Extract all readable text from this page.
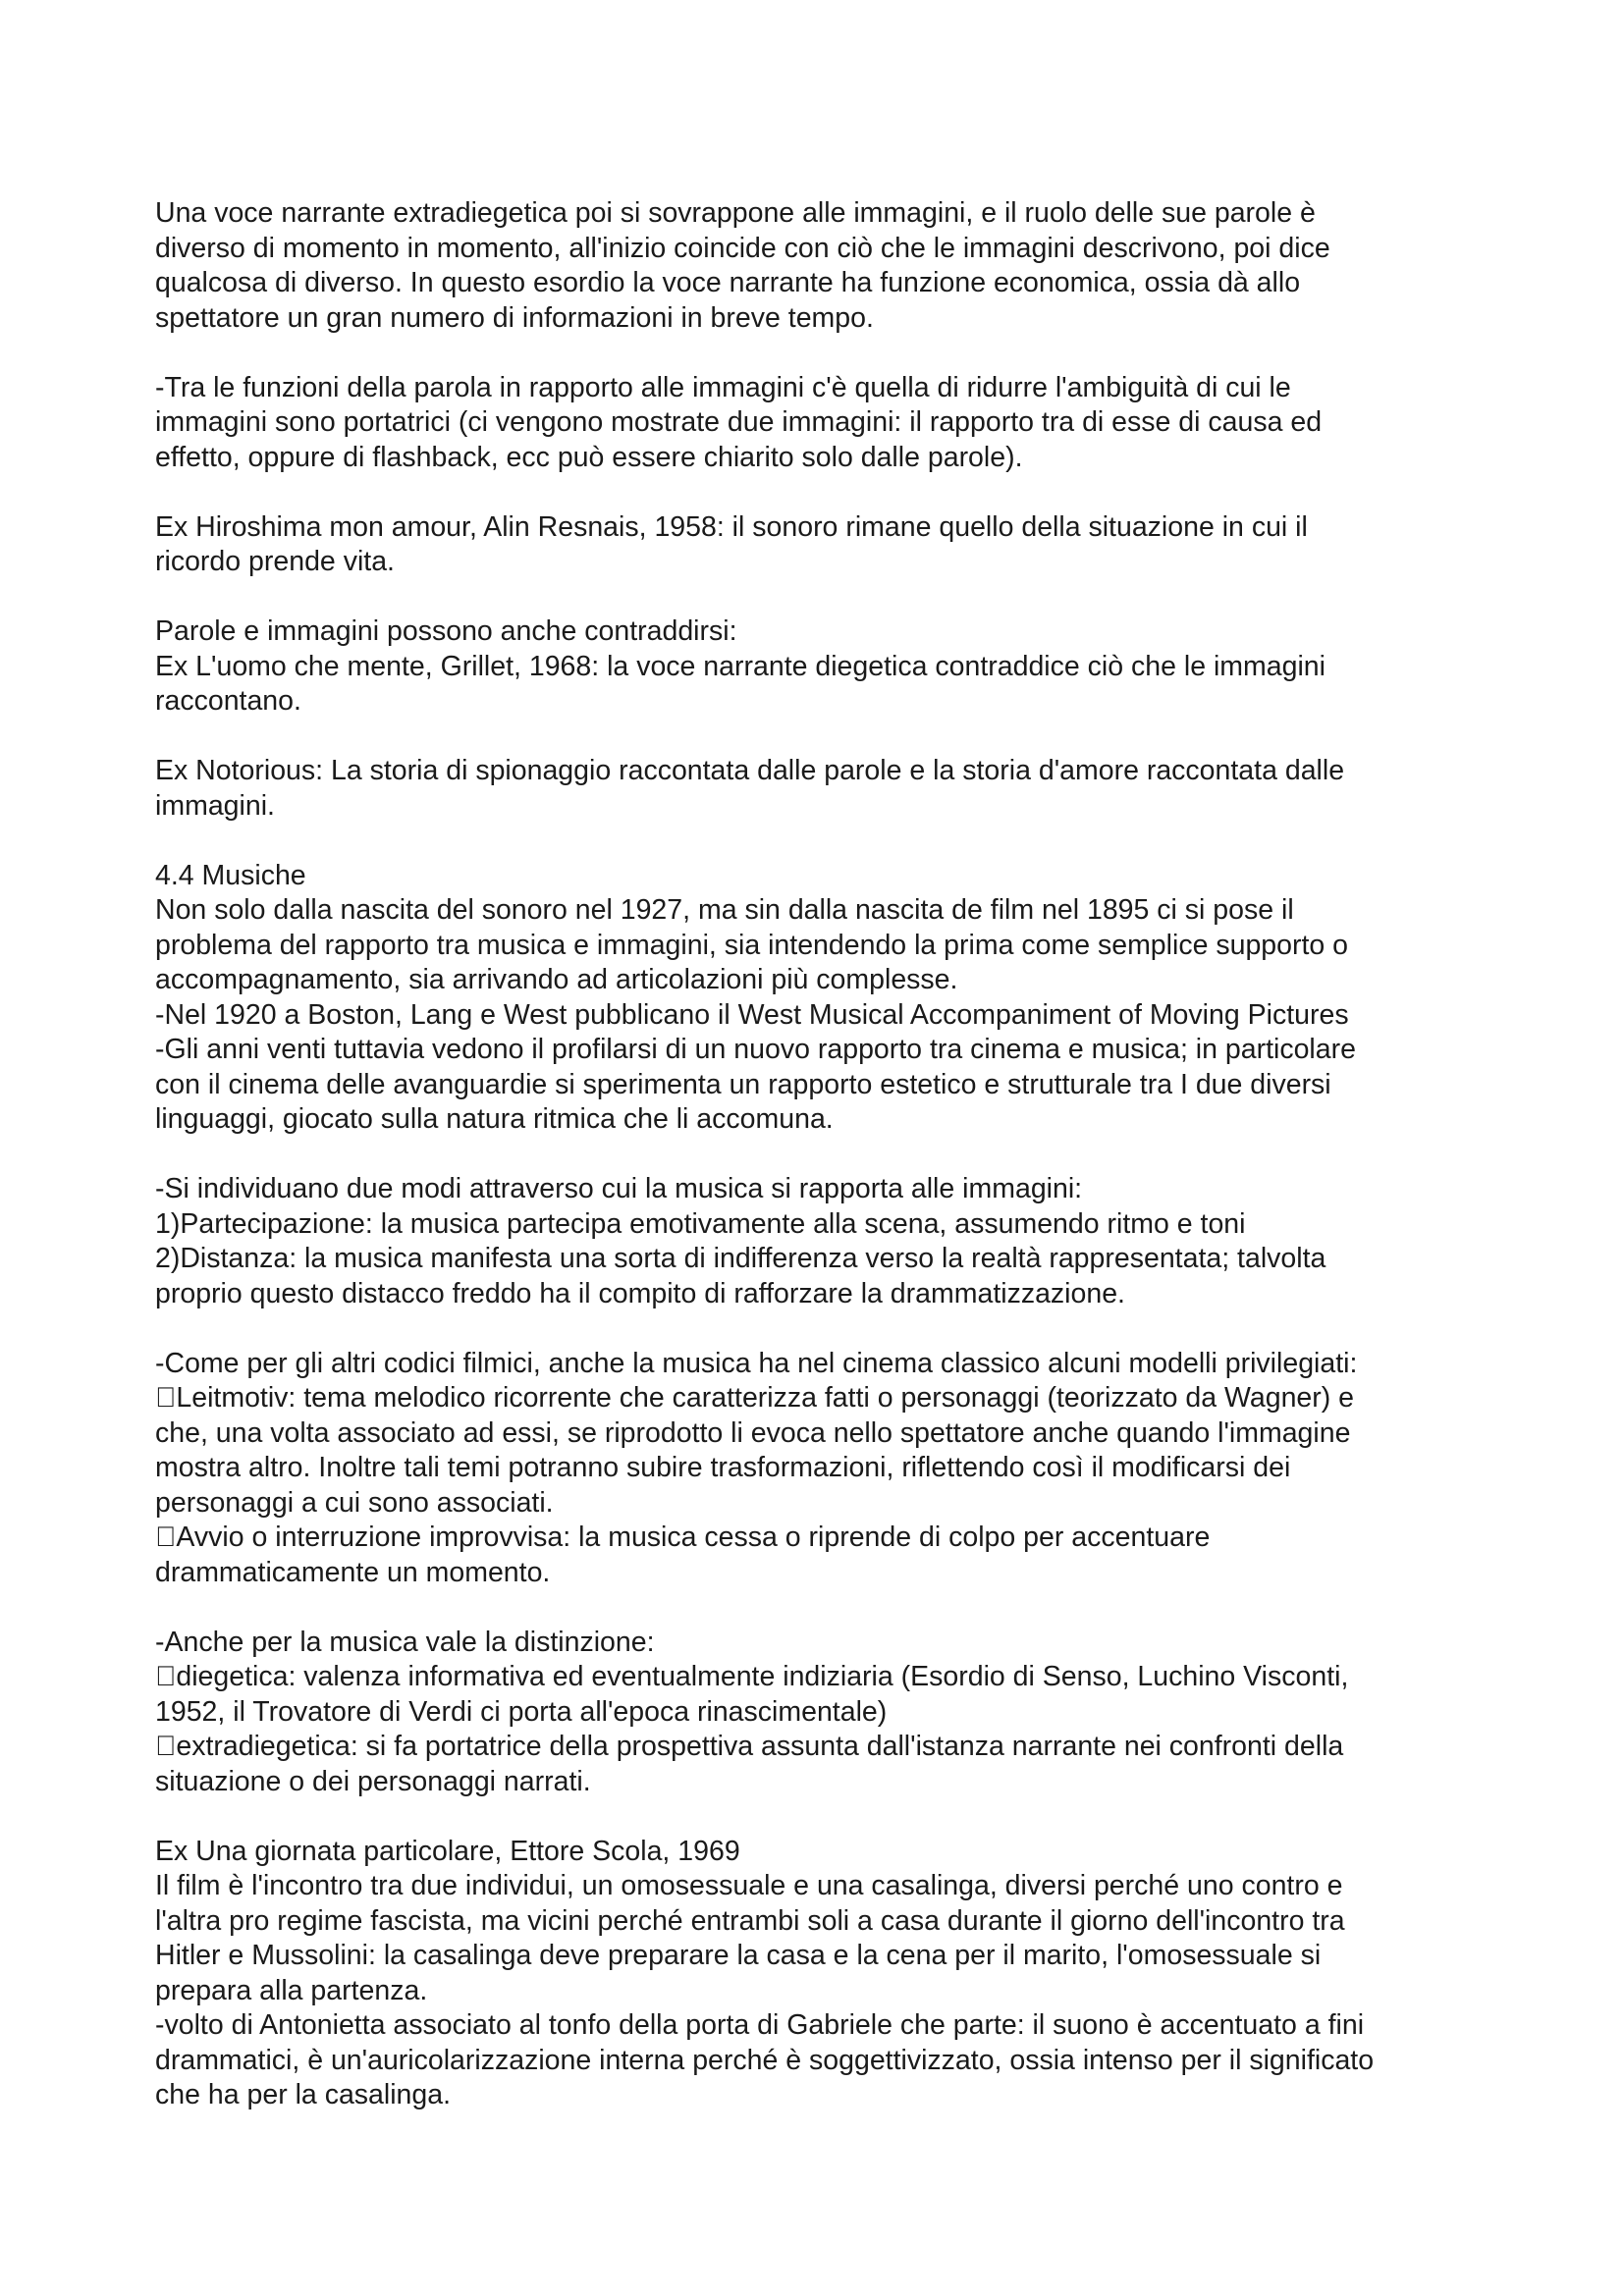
Una voce narrante extradiegetica poi si sovrappone alle immagini, e il ruolo delle sue parole è
diverso di momento in momento, all'inizio coincide con ciò che le immagini descrivono, poi dice
qualcosa di diverso. In questo esordio la voce narrante ha funzione economica, ossia dà allo
spettatore un gran numero di informazioni in breve tempo.
-Tra le funzioni della parola in rapporto alle immagini c'è quella di ridurre l'ambiguità di cui le
immagini sono portatrici (ci vengono mostrate due immagini: il rapporto tra di esse di causa ed
effetto, oppure di flashback, ecc può essere chiarito solo dalle parole).
Ex Hiroshima mon amour, Alin Resnais, 1958: il sonoro rimane quello della situazione in cui il
ricordo prende vita.
Parole e immagini possono anche contraddirsi:
Ex L'uomo che mente, Grillet, 1968: la voce narrante diegetica contraddice ciò che le immagini
raccontano.
Ex Notorious: La storia di spionaggio raccontata dalle parole e la storia d'amore raccontata dalle
immagini.
4.4 Musiche
Non solo dalla nascita del sonoro nel 1927, ma sin dalla nascita de film nel 1895 ci si pose il
problema del rapporto tra musica e immagini, sia intendendo la prima come semplice supporto o
accompagnamento, sia arrivando ad articolazioni più complesse.
-Nel 1920 a Boston, Lang e West pubblicano il West Musical Accompaniment of Moving Pictures
-Gli anni venti tuttavia vedono il profilarsi di un nuovo rapporto tra cinema e musica; in particolare
con il cinema delle avanguardie si sperimenta un rapporto estetico e strutturale tra I due diversi
linguaggi, giocato sulla natura ritmica che li accomuna.
-Si individuano due modi attraverso cui la musica si rapporta alle immagini:
1)Partecipazione: la musica partecipa emotivamente alla scena, assumendo ritmo e toni
2)Distanza: la musica manifesta una sorta di indifferenza verso la realtà rappresentata; talvolta
proprio questo distacco freddo ha il compito di rafforzare la drammatizzazione.
-Come per gli altri codici filmici, anche la musica ha nel cinema classico alcuni modelli privilegiati:
Leitmotiv: tema melodico ricorrente che caratterizza fatti o personaggi (teorizzato da Wagner) e
che, una volta associato ad essi, se riprodotto li evoca nello spettatore anche quando l'immagine
mostra altro. Inoltre tali temi potranno subire trasformazioni, riflettendo così il modificarsi dei
personaggi a cui sono associati.
Avvio o interruzione improvvisa: la musica cessa o riprende di colpo per accentuare
drammaticamente un momento.
-Anche per la musica vale la distinzione:
diegetica: valenza informativa ed eventualmente indiziaria (Esordio di Senso, Luchino Visconti,
1952, il Trovatore di Verdi ci porta all'epoca rinascimentale)
extradiegetica: si fa portatrice della prospettiva assunta dall'istanza narrante nei confronti della
situazione o dei personaggi narrati.
Ex Una giornata particolare, Ettore Scola, 1969
Il film è l'incontro tra due individui, un omosessuale e una casalinga, diversi perché uno contro e
l'altra pro regime fascista, ma vicini perché entrambi soli a casa durante il giorno dell'incontro tra
Hitler e Mussolini: la casalinga deve preparare la casa e la cena per il marito, l'omosessuale si
prepara alla partenza.
-volto di Antonietta associato al tonfo della porta di Gabriele che parte: il suono è accentuato a fini
drammatici, è un'auricolarizzazione interna perché è soggettivizzato, ossia intenso per il significato
che ha per la casalinga.
